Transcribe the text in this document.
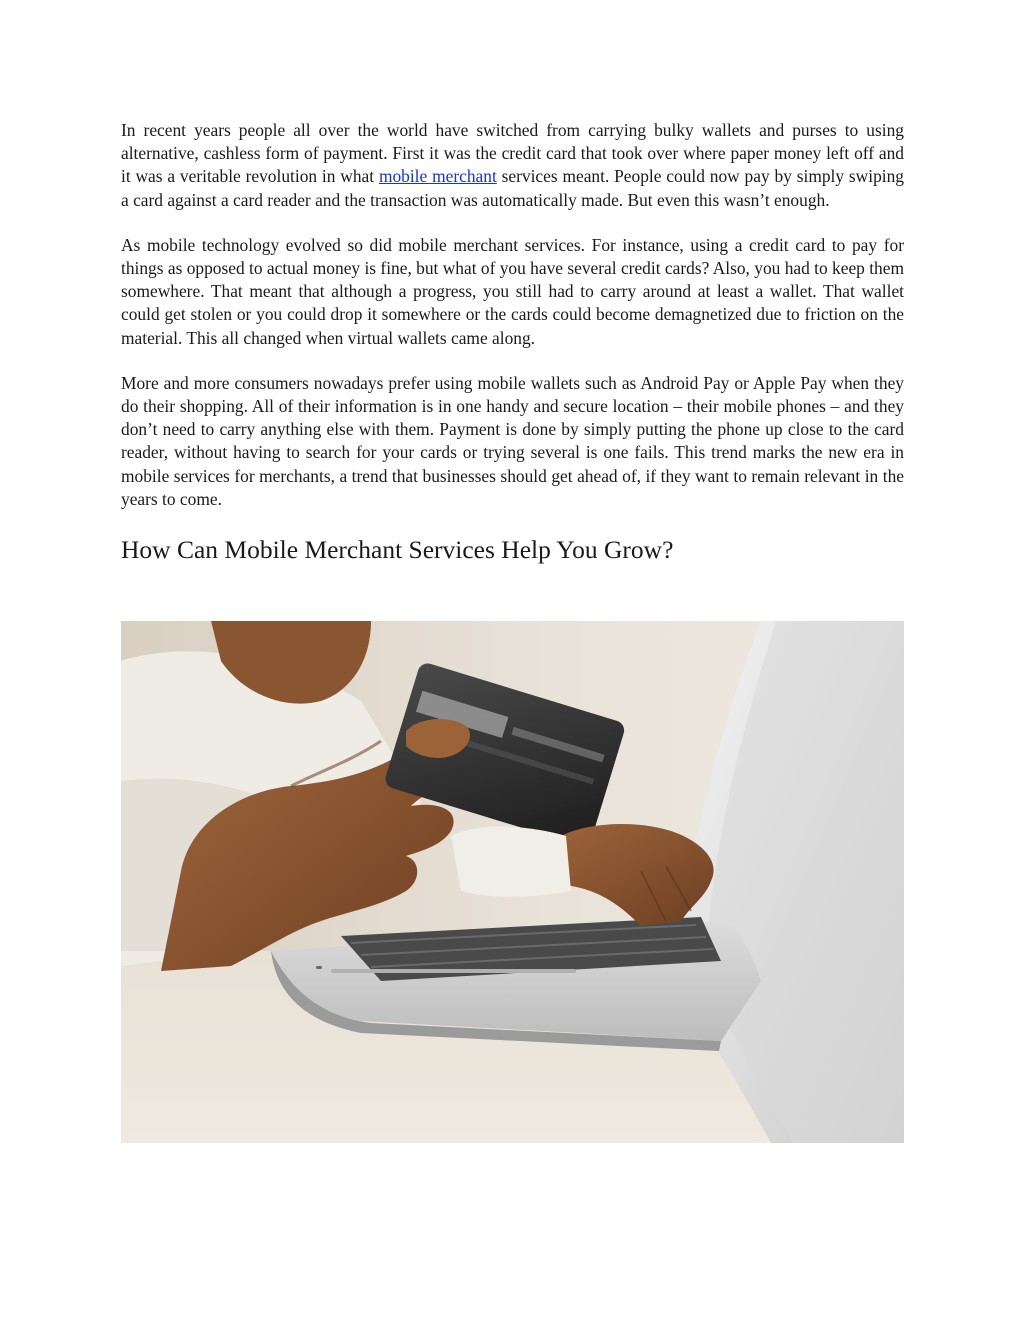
In recent years people all over the world have switched from carrying bulky wallets and purses to using alternative, cashless form of payment. First it was the credit card that took over where paper money left off and it was a veritable revolution in what mobile merchant services meant. People could now pay by simply swiping a card against a card reader and the transaction was automatically made. But even this wasn’t enough.

As mobile technology evolved so did mobile merchant services. For instance, using a credit card to pay for things as opposed to actual money is fine, but what of you have several credit cards? Also, you had to keep them somewhere. That meant that although a progress, you still had to carry around at least a wallet. That wallet could get stolen or you could drop it somewhere or the cards could become demagnetized due to friction on the material. This all changed when virtual wallets came along.

More and more consumers nowadays prefer using mobile wallets such as Android Pay or Apple Pay when they do their shopping. All of their information is in one handy and secure location – their mobile phones – and they don’t need to carry anything else with them. Payment is done by simply putting the phone up close to the card reader, without having to search for your cards or trying several is one fails. This trend marks the new era in mobile services for merchants, a trend that businesses should get ahead of, if they want to remain relevant in the years to come.

How Can Mobile Merchant Services Help You Grow?
